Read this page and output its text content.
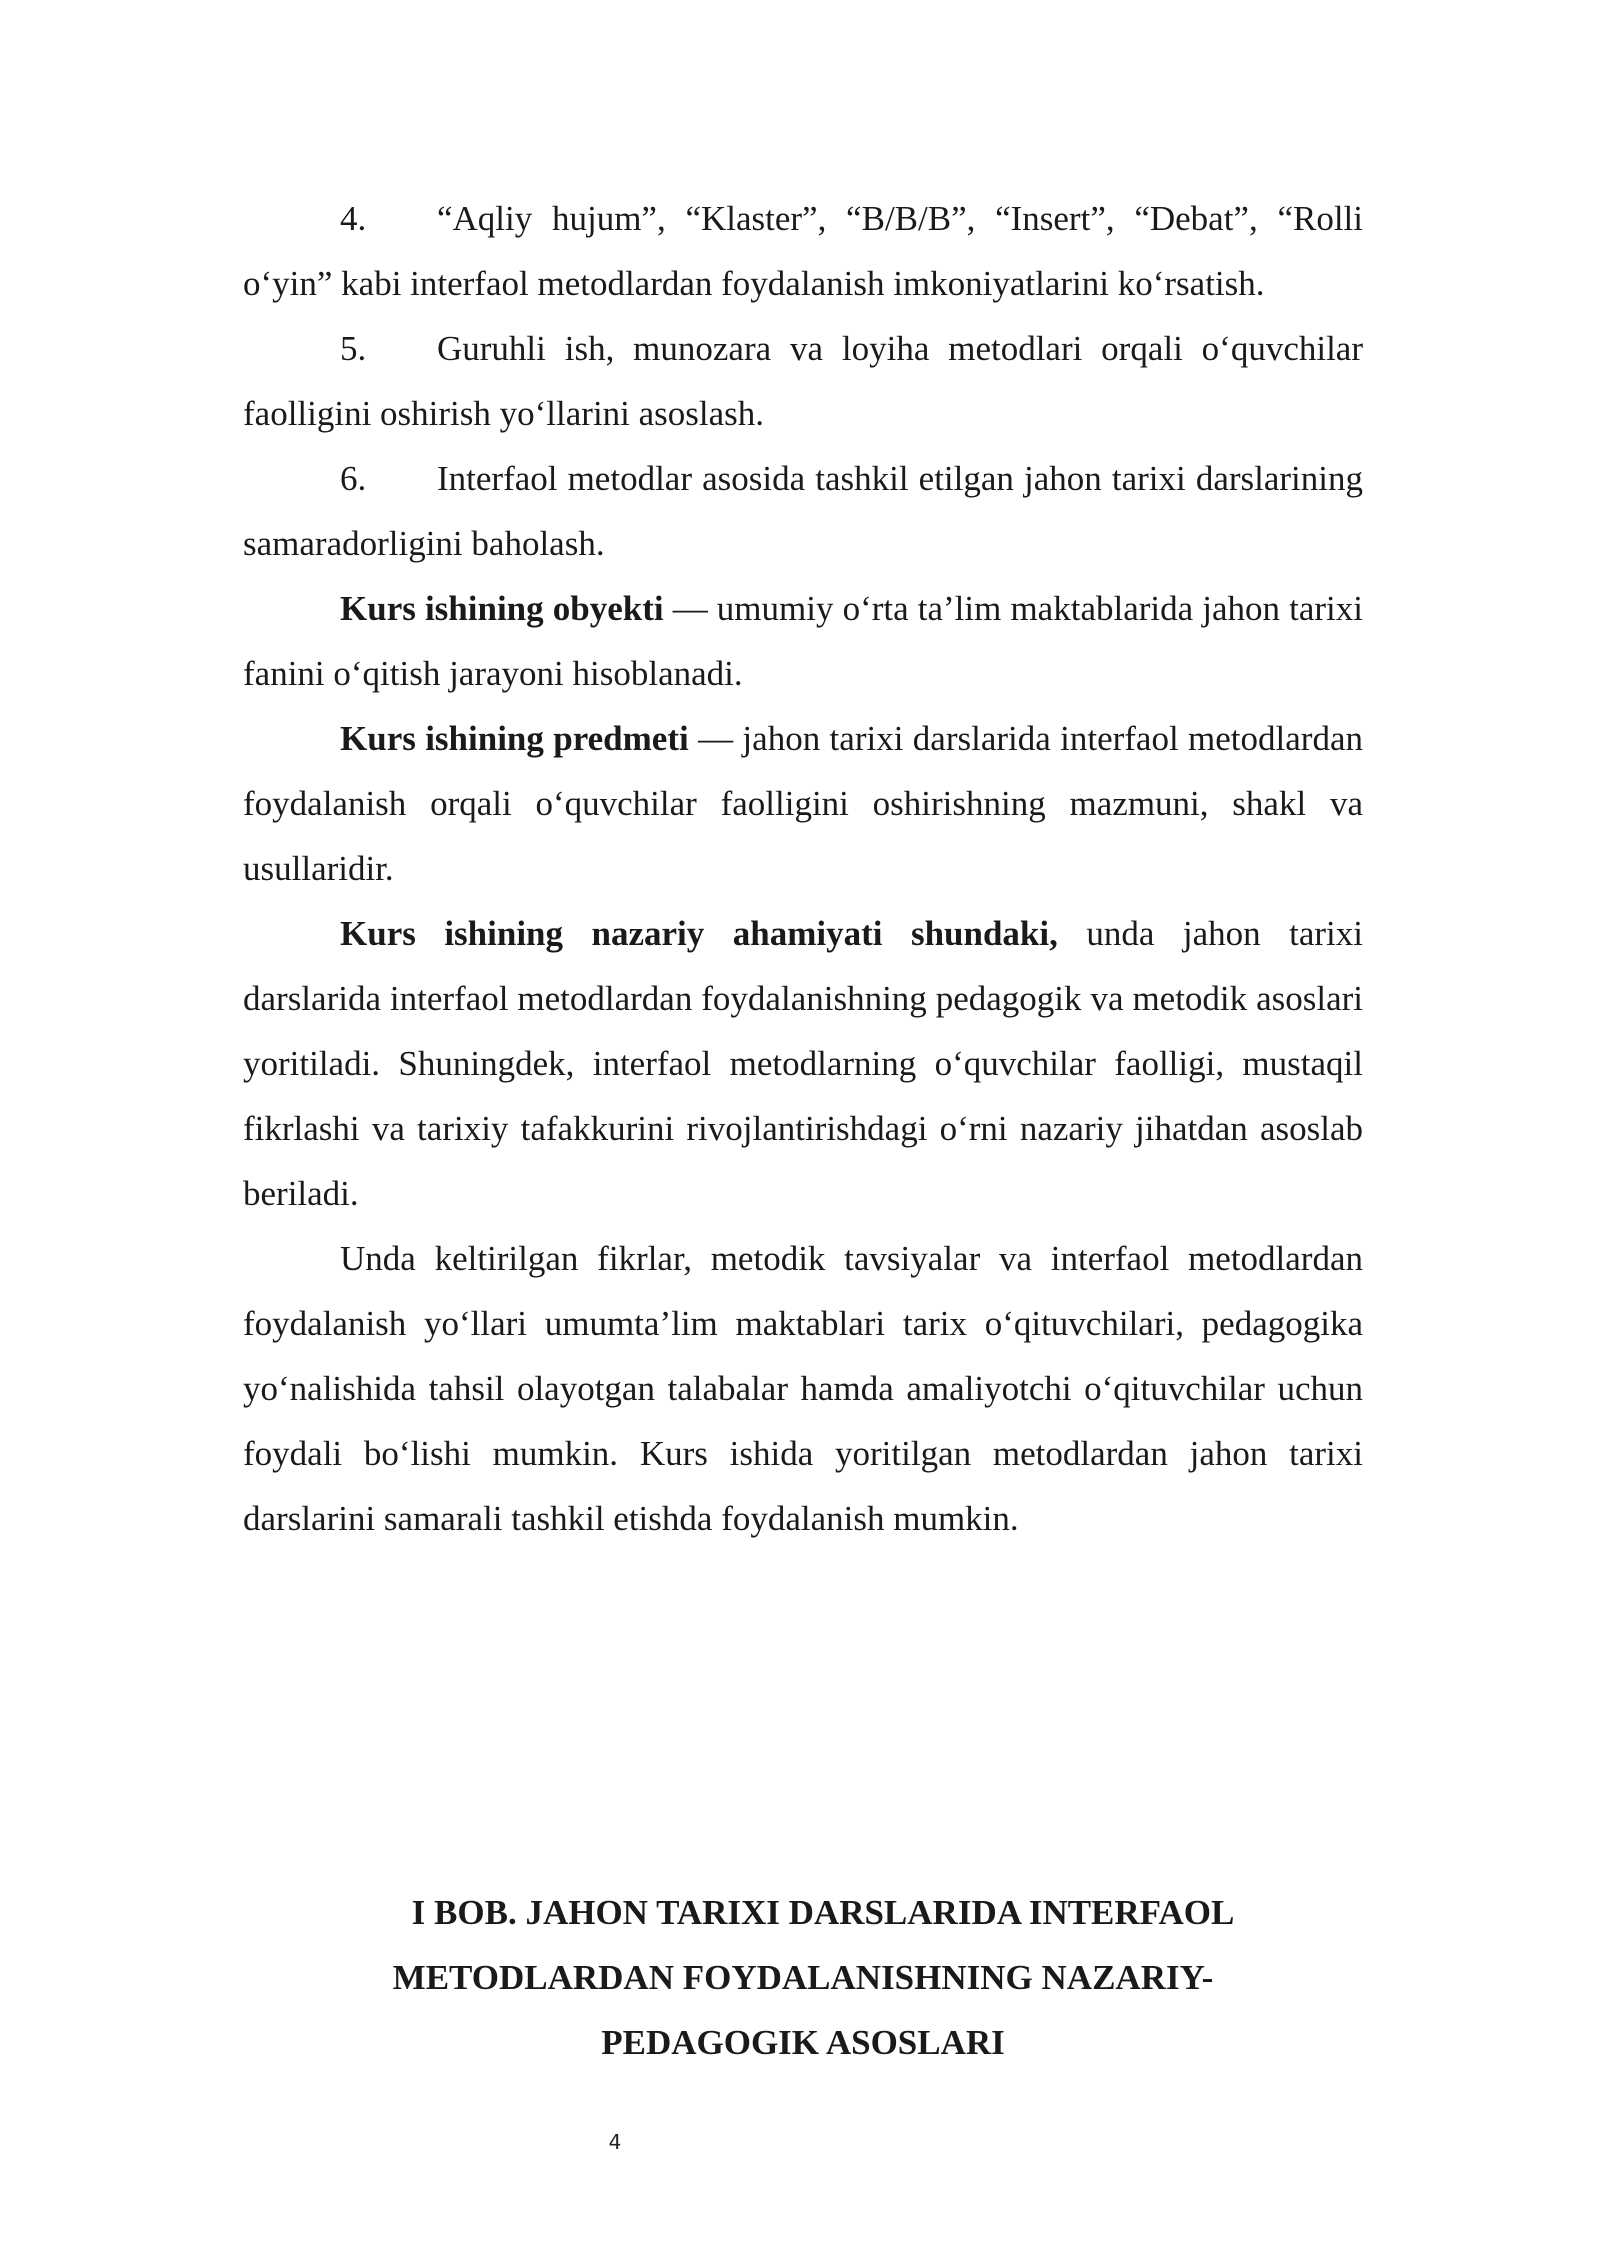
4. “Aqliy hujum”, “Klaster”, “B/B/B”, “Insert”, “Debat”, “Rolli o‘yin” kabi interfaol metodlardan foydalanish imkoniyatlarini ko‘rsatish.

5. Guruhli ish, munozara va loyiha metodlari orqali o‘quvchilar faolligini oshirish yo‘llarini asoslash.

6. Interfaol metodlar asosida tashkil etilgan jahon tarixi darslarining samaradorligini baholash.

Kurs ishining obyekti — umumiy o‘rta ta’lim maktablarida jahon tarixi fanini o‘qitish jarayoni hisoblanadi.

Kurs ishining predmeti — jahon tarixi darslarida interfaol metodlardan foydalanish orqali o‘quvchilar faolligini oshirishning mazmuni, shakl va usullaridir.

Kurs ishining nazariy ahamiyati shundaki, unda jahon tarixi darslarida interfaol metodlardan foydalanishning pedagogik va metodik asoslari yoritiladi. Shuningdek, interfaol metodlarning o‘quvchilar faolligi, mustaqil fikrlashi va tarixiy tafakkurini rivojlantirishdagi o‘rni nazariy jihatdan asoslab beriladi.

Unda keltirilgan fikrlar, metodik tavsiyalar va interfaol metodlardan foydalanish yo‘llari umumta’lim maktablari tarix o‘qituvchilari, pedagogika yo‘nalishida tahsil olayotgan talabalar hamda amaliyotchi o‘qituvchilar uchun foydali bo‘lishi mumkin. Kurs ishida yoritilgan metodlardan jahon tarixi darslarini samarali tashkil etishda foydalanish mumkin.

I BOB. JAHON TARIXI DARSLARIDA INTERFAOL
METODLARDAN FOYDALANISHNING NAZARIY-
PEDAGOGIK ASOSLARI
4
